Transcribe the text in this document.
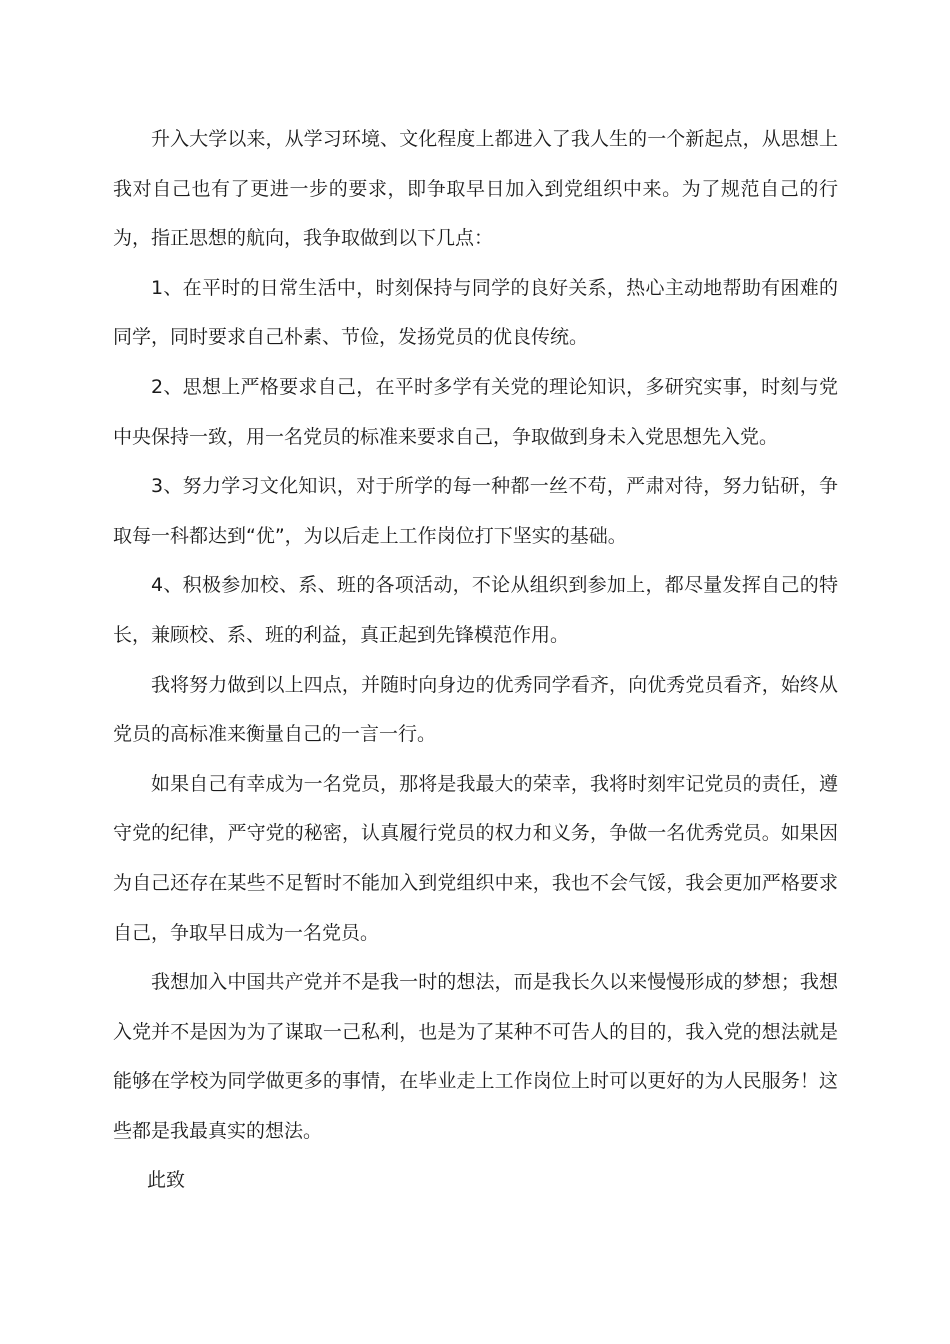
升入大学以来，从学习环境、文化程度上都进入了我人生的一个新起点，从思想上我对自己也有了更进一步的要求，即争取早日加入到党组织中来。为了规范自己的行为，指正思想的航向，我争取做到以下几点：

1、在平时的日常生活中，时刻保持与同学的良好关系，热心主动地帮助有困难的同学，同时要求自己朴素、节俭，发扬党员的优良传统。

2、思想上严格要求自己，在平时多学有关党的理论知识，多研究实事，时刻与党中央保持一致，用一名党员的标准来要求自己，争取做到身未入党思想先入党。

3、努力学习文化知识，对于所学的每一种都一丝不苟，严肃对待，努力钻研，争取每一科都达到“优”，为以后走上工作岗位打下坚实的基础。

4、积极参加校、系、班的各项活动，不论从组织到参加上，都尽量发挥自己的特长，兼顾校、系、班的利益，真正起到先锋模范作用。

我将努力做到以上四点，并随时向身边的优秀同学看齐，向优秀党员看齐，始终从党员的高标准来衡量自己的一言一行。

如果自己有幸成为一名党员，那将是我最大的荣幸，我将时刻牢记党员的责任，遵守党的纪律，严守党的秘密，认真履行党员的权力和义务，争做一名优秀党员。如果因为自己还存在某些不足暂时不能加入到党组织中来，我也不会气馁，我会更加严格要求自己，争取早日成为一名党员。

我想加入中国共产党并不是我一时的想法，而是我长久以来慢慢形成的梦想；我想入党并不是因为为了谋取一己私利，也是为了某种不可告人的目的，我入党的想法就是能够在学校为同学做更多的事情，在毕业走上工作岗位上时可以更好的为人民服务！这些都是我最真实的想法。

此致
